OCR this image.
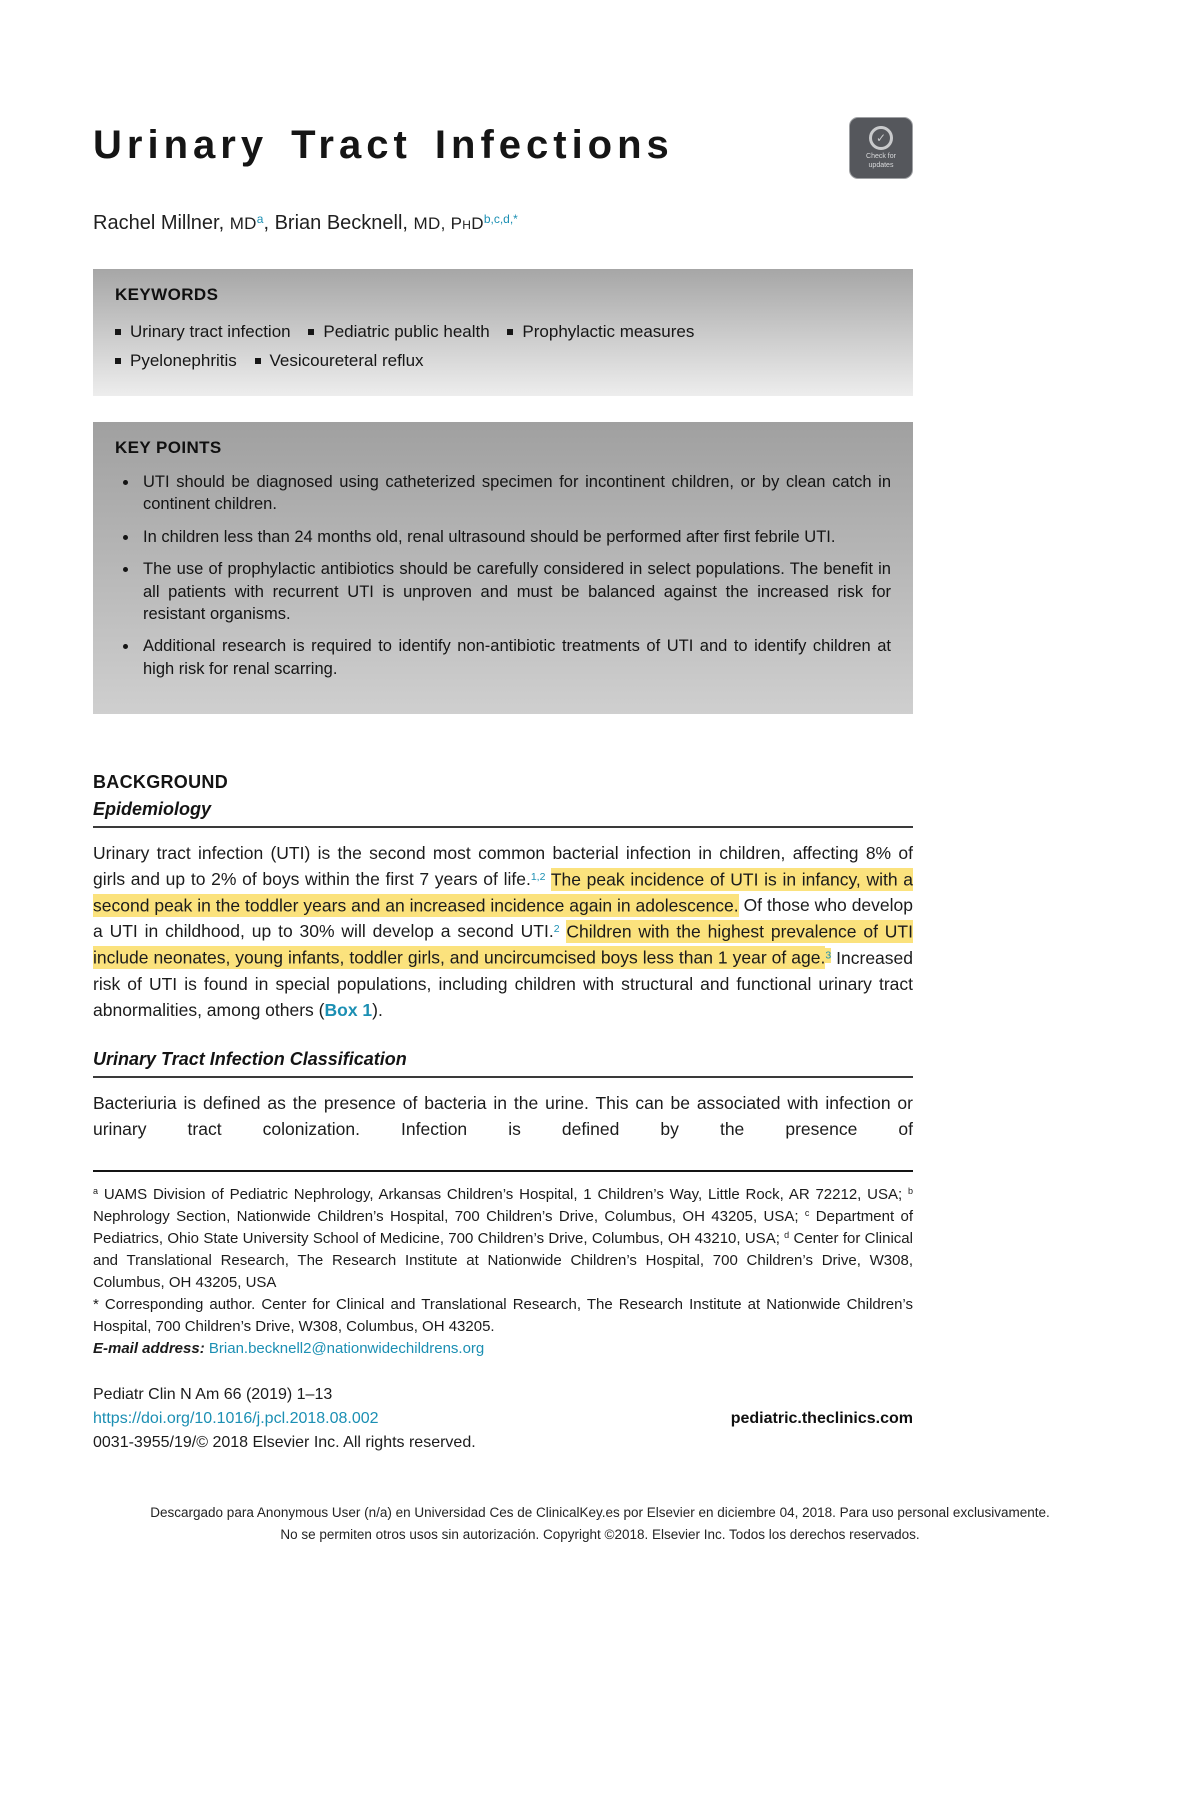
Urinary Tract Infections	✓
Check for updates

Rachel Millner, $MD^a$, Brian Becknell, MD, PhD$^{b,c,d,*}$

KEYWORDS

Urinary tract infection Pediatric public health Prophylactic measures Pyelonephritis Vesicoureteral reflux

KEY POINTS
• UTI should be diagnosed using catheterized specimen for incontinent children, or by clean catch in continent children.
• In children less than 24 months old, renal ultrasound should be performed after first febrile UTI.
• The use of prophylactic antibiotics should be carefully considered in select populations. The benefit in all patients with recurrent UTI is unproven and must be balanced against the increased risk for resistant organisms.
• Additional research is required to identify non-antibiotic treatments of UTI and to identify children at high risk for renal scarring.
BACKGROUND
Epidemiology

Urinary tract infection (UTI) is the second most common bacterial infection in children, affecting 8% of girls and up to 2% of boys within the first 7 years of life.$^{1,2}$ The peak incidence of UTI is in infancy, with a second peak in the toddler years and an increased incidence again in adolescence. Of those who develop a UTI in childhood, up to 30% will develop a second UTI.$^2$ Children with the highest prevalence of UTI include neonates, young infants, toddler girls, and uncircumcised boys less than 1 year of age.$^3$ Increased risk of UTI is found in special populations, including children with structural and functional urinary tract abnormalities, among others (Box 1).

Urinary Tract Infection Classification

Bacteriuria is defined as the presence of bacteria in the urine. This can be associated with infection or urinary tract colonization. Infection is defined by the presence of

$^a$ UAMS Division of Pediatric Nephrology, Arkansas Children’s Hospital, 1 Children’s Way, Little Rock, AR 72212, USA; $^b$ Nephrology Section, Nationwide Children’s Hospital, 700 Children’s Drive, Columbus, OH 43205, USA; $^c$ Department of Pediatrics, Ohio State University School of Medicine, 700 Children’s Drive, Columbus, OH 43210, USA; $^d$ Center for Clinical and Translational Research, The Research Institute at Nationwide Children’s Hospital, 700 Children’s Drive, W308, Columbus, OH 43205, USA

* Corresponding author. Center for Clinical and Translational Research, The Research Institute at Nationwide Children’s Hospital, 700 Children’s Drive, W308, Columbus, OH 43205.

E-mail address: Brian.becknell2@nationwidechildrens.org

Pediatr Clin N Am 66 (2019) 1–13

https://doi.org/10.1016/j.pcl.2018.08.002	pediatric.theclinics.com

0031-3955/19/© 2018 Elsevier Inc. All rights reserved.

Descargado para Anonymous User (n/a) en Universidad Ces de ClinicalKey.es por Elsevier en diciembre 04, 2018. Para uso personal exclusivamente. No se permiten otros usos sin autorización. Copyright ©2018. Elsevier Inc. Todos los derechos reservados.
